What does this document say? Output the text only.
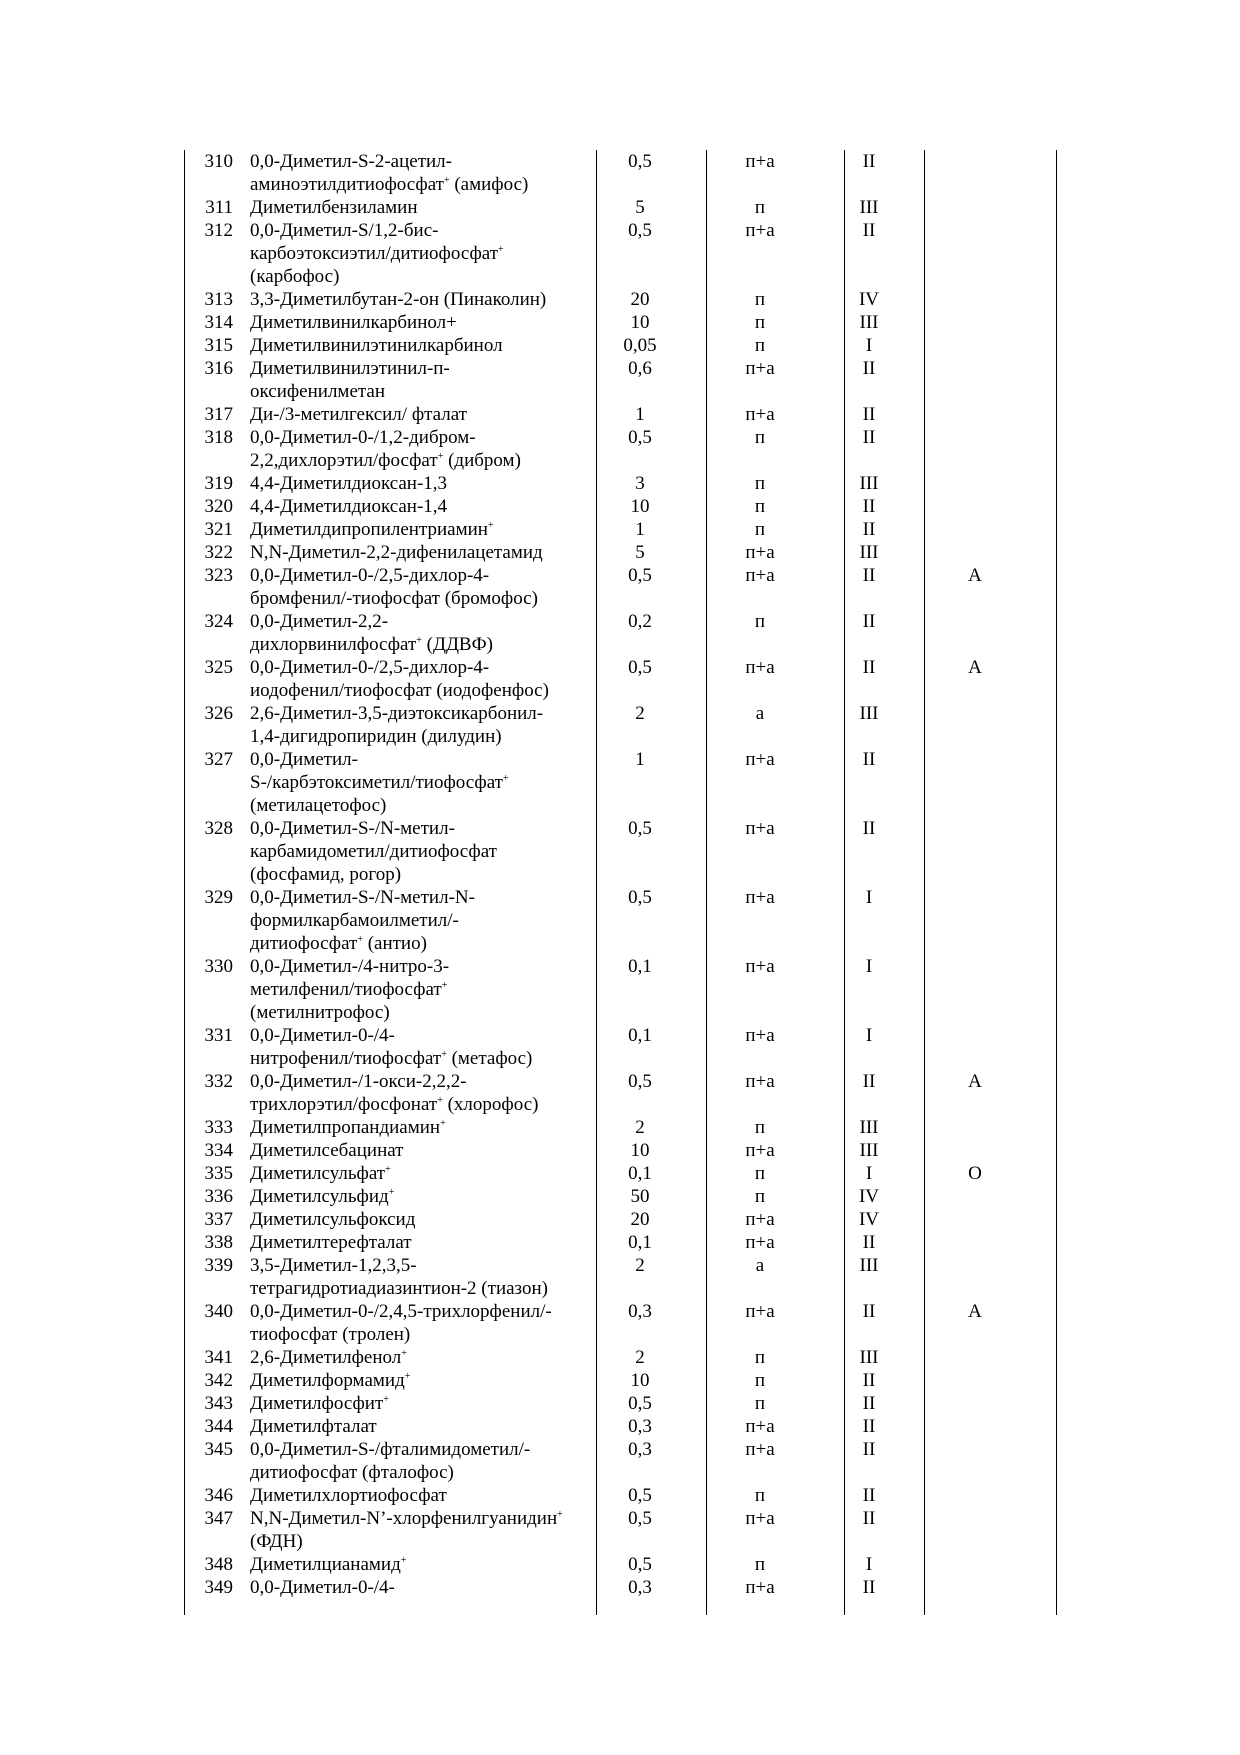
310 0,0-Диметил-S-2-ацетил-
аминоэтилдитиофосфат+ (амифос)
0,5	п+а	II
311 Диметилбензиламин	5	п	III
312 0,0-Диметил-S/1,2-бис-
карбоэтоксиэтил/дитиофосфат+
(карбофос)
0,5	п+а	II
313 3,3-Диметилбутан-2-он (Пинаколин)	20	п	IV
314 Диметилвинилкарбинол+	10	п	III
315 Диметилвинилэтинилкарбинол	0,05	п	I
316 Диметилвинилэтинил-п-
оксифенилметан
0,6	п+а	II
317 Ди-/3-метилгексил/ фталат	1	п+а	II
318 0,0-Диметил-0-/1,2-дибром-
2,2,дихлорэтил/фосфат+ (дибром)
0,5	п	II
319 4,4-Диметилдиоксан-1,3	3	п	III
320 4,4-Диметилдиоксан-1,4	10	п	II
321 Диметилдипропилентриамин+	1	п	II
322 N,N-Диметил-2,2-дифенилацетамид	5	п+а	III
323 0,0-Диметил-0-/2,5-дихлор-4-
бромфенил/-тиофосфат (бромофос)
0,5	п+а	II	А
324 0,0-Диметил-2,2-
дихлорвинилфосфат+ (ДДВФ)
0,2	п	II
325 0,0-Диметил-0-/2,5-дихлор-4-
иодофенил/тиофосфат (иодофенфос)
0,5	п+а	II	А
326 2,6-Диметил-3,5-диэтоксикарбонил-
1,4-дигидропиридин (дилудин)
2	а	III
327 0,0-Диметил-
S-/карбэтоксиметил/тиофосфат+
(метилацетофос)
1	п+а	II
328 0,0-Диметил-S-/N-метил-
карбамидометил/дитиофосфат
(фосфамид, рогор)
0,5	п+а	II
329 0,0-Диметил-S-/N-метил-N-
формилкарбамоилметил/-
дитиофосфат+ (антио)
0,5	п+а	I
330 0,0-Диметил-/4-нитро-3-
метилфенил/тиофосфат+
(метилнитрофос)
0,1	п+а	I
331 0,0-Диметил-0-/4-
нитрофенил/тиофосфат+ (метафос)
0,1	п+а	I
332 0,0-Диметил-/1-окси-2,2,2-
трихлорэтил/фосфонат+ (хлорофос)
0,5	п+а	II	А
333 Диметилпропандиамин+	2	п	III
334 Диметилсебацинат	10	п+а	III
335 Диметилсульфат+	0,1	п	I	О
336 Диметилсульфид+	50	п	IV
337 Диметилсульфоксид	20	п+а	IV
338 Диметилтерефталат	0,1	п+а	II
339 3,5-Диметил-1,2,3,5-
тетрагидротиадиазинтион-2 (тиазон)
2	а	III
340 0,0-Диметил-0-/2,4,5-трихлорфенил/-
тиофосфат (тролен)
0,3	п+а	II	А
341 2,6-Диметилфенол+	2	п	III
342 Диметилформамид+	10	п	II
343 Диметилфосфит+	0,5	п	II
344 Диметилфталат	0,3	п+а	II
345 0,0-Диметил-S-/фталимидометил/-
дитиофосфат (фталофос)
0,3	п+а	II
346 Диметилхлортиофосфат	0,5	п	II
347 N,N-Диметил-N’-хлорфенилгуанидин+
(ФДН)
0,5	п+а	II
348 Диметилцианамид+	0,5	п	I
349 0,0-Диметил-0-/4-	0,3	п+а	II
